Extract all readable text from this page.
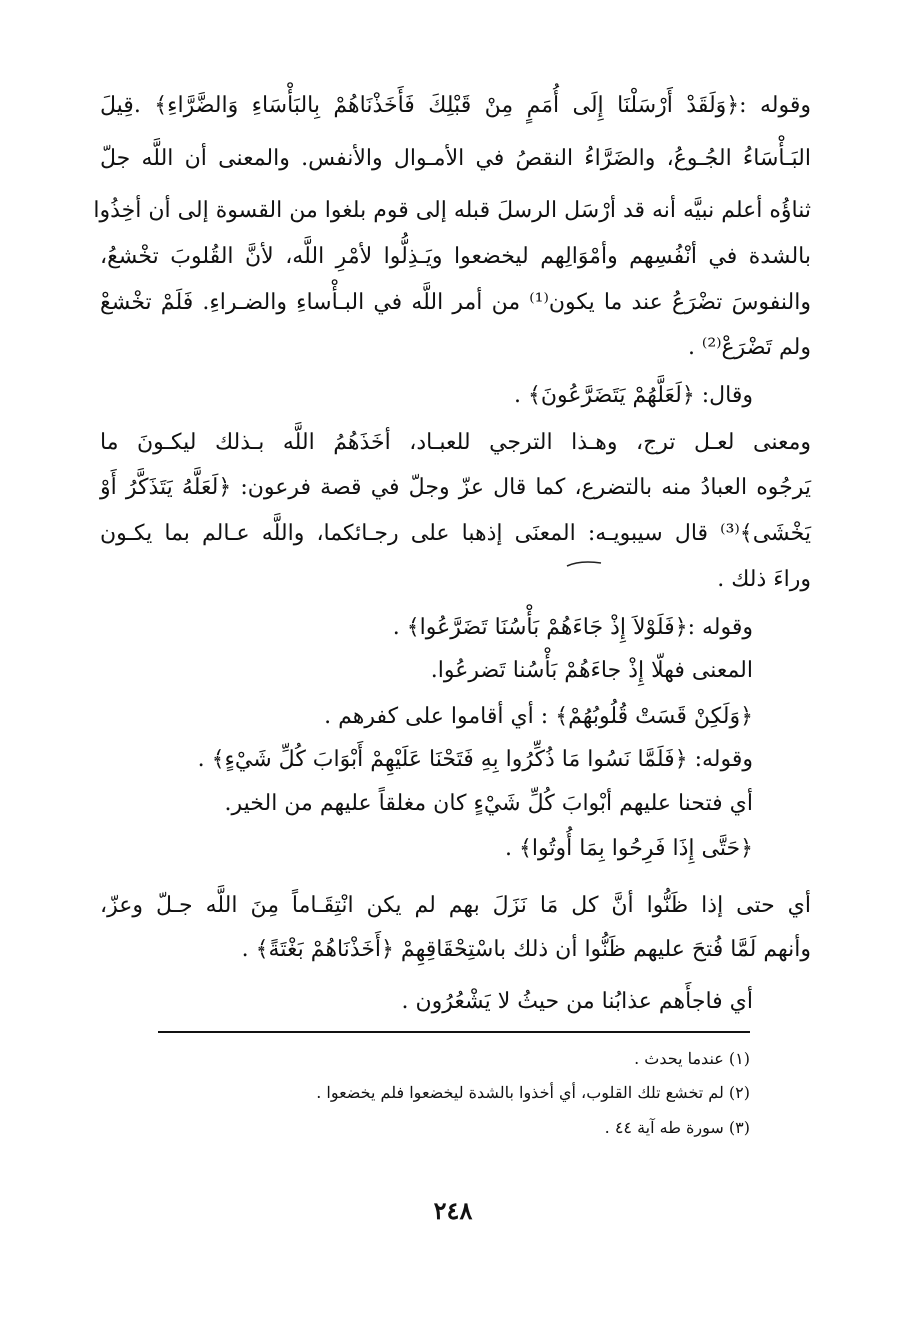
وقوله :﴿وَلَقَدْ أَرْسَلْنَا إِلَى أُمَمٍ مِنْ قَبْلِكَ فَأَخَذْنَاهُمْ بِالبَأْسَاءِ وَالضَّرَّاءِ﴾ .قِيلَ
البَـأْسَاءُ الجُـوعُ، والضَرَّاءُ النقصُ في الأمـوال والأنفس. والمعنى أن اللَّه جلّ
ثناؤُه أعلم نبيَّه أنه قد أرْسَل الرسلَ قبله إلى قوم بلغوا من القسوة إلى أن أخِذُوا
بالشدة في أنْفُسِهم وأمْوَالِهم ليخضعوا ويَـذِلُّوا لأمْرِ اللَّه، لأنَّ القُلوبَ تخْشعُ،
والنفوسَ تضْرَعُ عند ما يكون⁽¹⁾ من أمر اللَّه في البـأْساءِ والضـراءِ. فَلَمْ تخْشعْ
ولم تَضْرَعْ⁽²⁾ .
وقال: ﴿لَعَلَّهُمْ يَتَضَرَّعُونَ﴾ .
ومعنى لعـل ترج، وهـذا الترجي للعبـاد، أخَذَهُمُ اللَّه بـذلك ليكـونَ ما
يَرجُوه العبادُ منه بالتضرع، كما قال عزّ وجلّ في قصة فرعون: ﴿لَعَلَّهُ يَتَذَكَّرُ أَوْ
يَخْشَى﴾⁽³⁾ قال سيبويـه: المعنَى إذهبا على رجـائكما، واللَّه عـالم بما يكـون
وراءَ ذلك .
وقوله :﴿فَلَوْلاَ إِذْ جَاءَهُمْ بَأْسُنَا تَضَرَّعُوا﴾ .
المعنى فهلّا إِذْ جاءَهُمْ بَأْسُنا تَضرعُوا.
﴿وَلَكِنْ قَسَتْ قُلُوبُهُمْ﴾ : أي أقاموا على كفرهم .
وقوله: ﴿فَلَمَّا نَسُوا مَا ذُكِّرُوا بِهِ فَتَحْنَا عَلَيْهِمْ أَبْوَابَ كُلِّ شَيْءٍ﴾ .
أي فتحنا عليهم أبْوابَ كُلِّ شَيْءٍ كان مغلقاً عليهم من الخير.
﴿حَتَّى إِذَا فَرِحُوا بِمَا أُوتُوا﴾ .
أي حتى إذا ظَنُّوا أنَّ كل مَا نَزَلَ بهم لم يكن انْتِقَـاماً مِنَ اللَّه جـلّ وعزّ،
وأنهم لَمَّا فُتحَ عليهم ظَنُّوا أن ذلك باسْتِحْقَاقِهِمْ ﴿أَخَذْنَاهُمْ بَغْتَةً﴾ .
أي فاجأَهم عذابُنا من حيثُ لا يَشْعُرُون .
(١) عندما يحدث .
(٢) لم تخشع تلك القلوب، أي أخذوا بالشدة ليخضعوا فلم يخضعوا .
(٣) سورة طه آية ٤٤ .
٢٤٨
